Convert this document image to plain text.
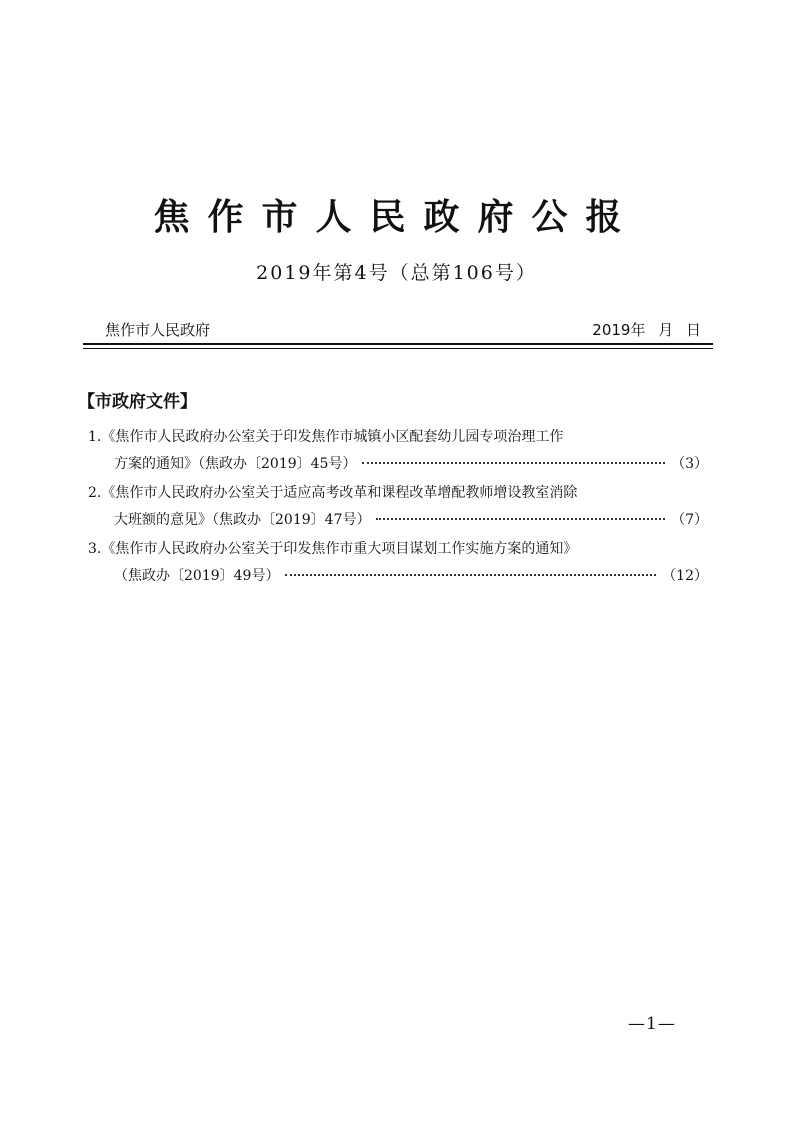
焦作市人民政府公报
2019年第4号（总第106号）
焦作市人民政府	2019年 月 日
【市政府文件】
1.《焦作市人民政府办公室关于印发焦作市城镇小区配套幼儿园专项治理工作
方案的通知》（焦政办〔2019〕45号）	（3）
2.《焦作市人民政府办公室关于适应高考改革和课程改革增配教师增设教室消除
大班额的意见》（焦政办〔2019〕47号）	（7）
3.《焦作市人民政府办公室关于印发焦作市重大项目谋划工作实施方案的通知》
（焦政办〔2019〕49号）	（12）
—1—
